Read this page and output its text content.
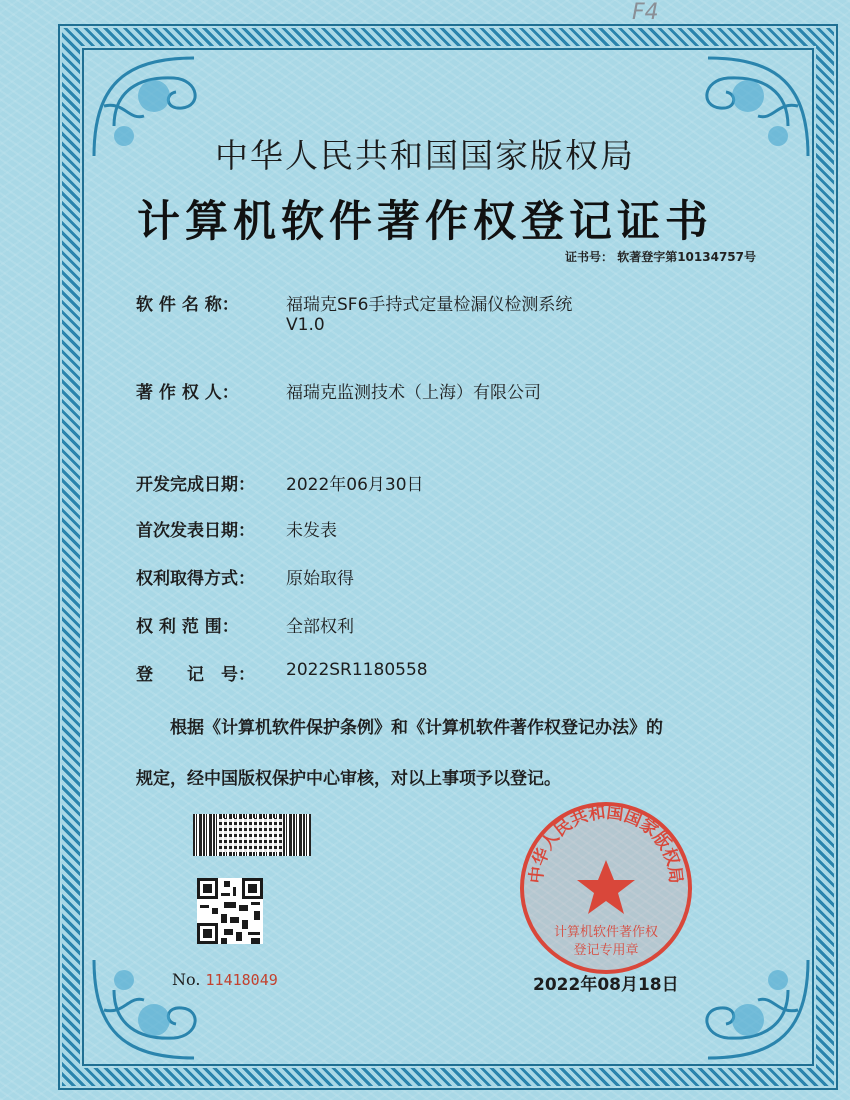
F4
中华人民共和国国家版权局
计算机软件著作权登记证书
证书号： 软著登字第10134757号
软 件 名 称：	福瑞克SF6手持式定量检漏仪检测系统
V1.0
著 作 权 人：	福瑞克监测技术（上海）有限公司
开发完成日期： 2022年06月30日
首次发表日期： 未发表
权利取得方式： 原始取得
权 利 范 围：	全部权利
登　　记　号： 2022SR1180558
根据《计算机软件保护条例》和《计算机软件著作权登记办法》的
规定，经中国版权保护中心审核，对以上事项予以登记。
No. 11418049
中华人民共和国国家版权局
计算机软件著作权
登记专用章
2022年08月18日
